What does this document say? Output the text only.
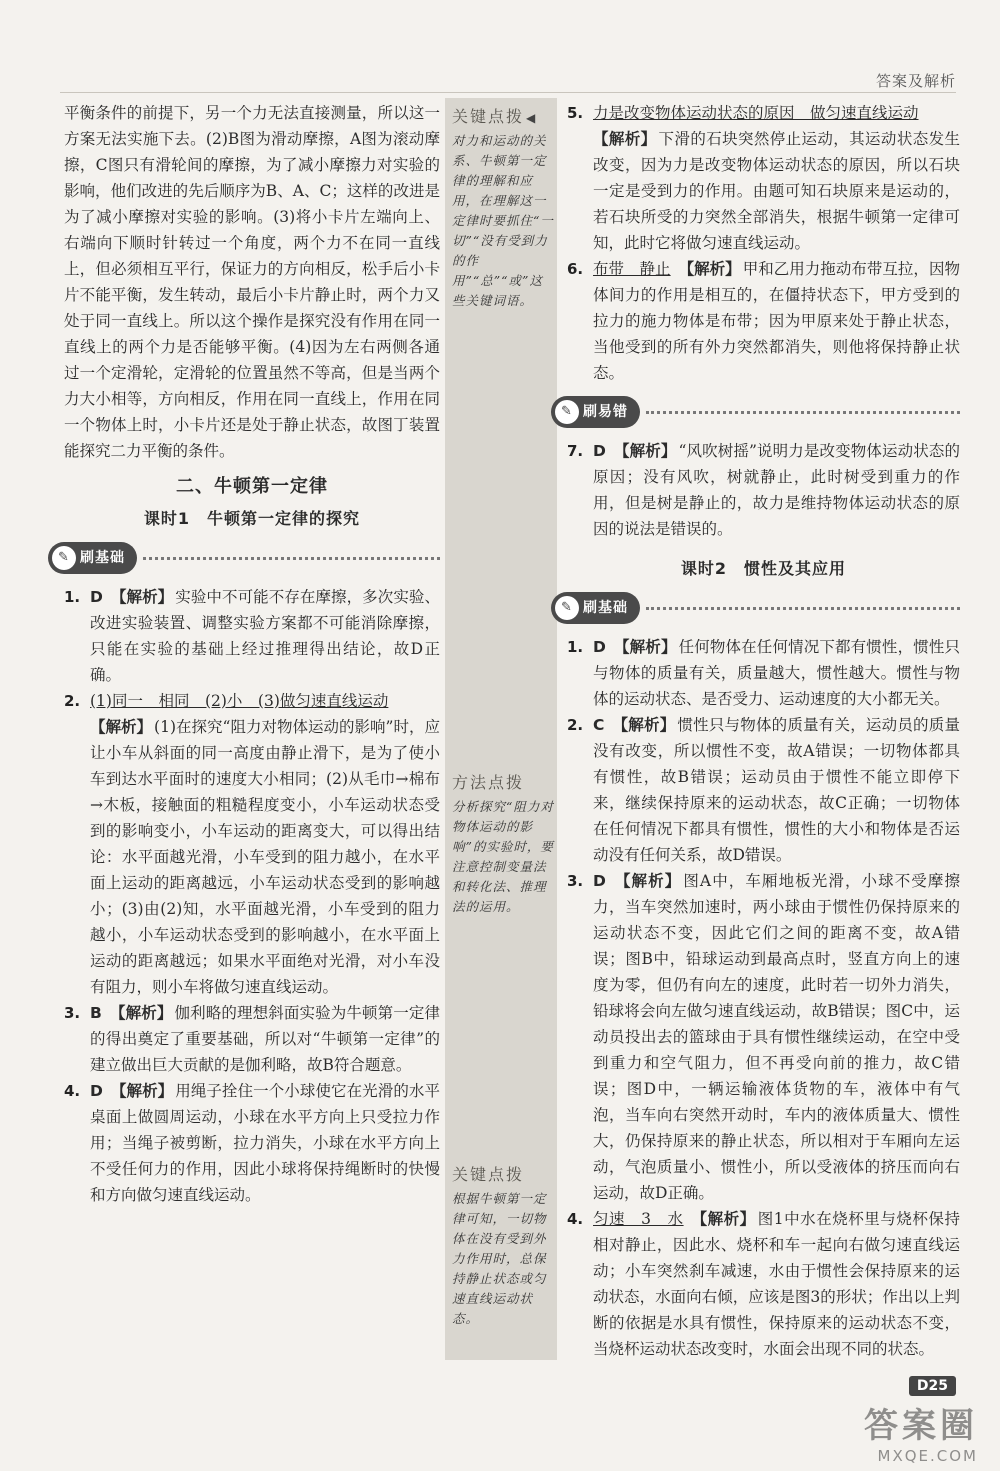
答案及解析
关键点拨 ◀
对力和运动的关系、牛顿第一定律的理解和应用，在理解这一定律时要抓住“一切”“没有受到力的作用”“总”“或”这些关键词语。
方法点拨
分析探究“阻力对物体运动的影响”的实验时，要注意控制变量法和转化法、推理法的运用。
关键点拨
根据牛顿第一定律可知，一切物体在没有受到外力作用时，总保持静止状态或匀速直线运动状态。
平衡条件的前提下，另一个力无法直接测量，所以这一方案无法实施下去。(2)B图为滑动摩擦，A图为滚动摩擦，C图只有滑轮间的摩擦，为了减小摩擦力对实验的影响，他们改进的先后顺序为B、A、C；这样的改进是为了减小摩擦对实验的影响。(3)将小卡片左端向上、右端向下顺时针转过一个角度，两个力不在同一直线上，但必须相互平行，保证力的方向相反，松手后小卡片不能平衡，发生转动，最后小卡片静止时，两个力又处于同一直线上。所以这个操作是探究没有作用在同一直线上的两个力是否能够平衡。(4)因为左右两侧各通过一个定滑轮，定滑轮的位置虽然不等高，但是当两个力大小相等，方向相反，作用在同一直线上，作用在同一个物体上时，小卡片还是处于静止状态，故图丁装置能探究二力平衡的条件。
二、牛顿第一定律
课时1　牛顿第一定律的探究
✎ 刷基础
1. D 【解析】 实验中不可能不存在摩擦，多次实验、改进实验装置、调整实验方案都不可能消除摩擦，只能在实验的基础上经过推理得出结论，故D正确。
2. (1)同一　相同　(2)小　(3)做匀速直线运动
【解析】 (1)在探究“阻力对物体运动的影响”时，应让小车从斜面的同一高度由静止滑下，是为了使小车到达水平面时的速度大小相同；(2)从毛巾→棉布→木板，接触面的粗糙程度变小，小车运动状态受到的影响变小，小车运动的距离变大，可以得出结论：水平面越光滑，小车受到的阻力越小，在水平面上运动的距离越远，小车运动状态受到的影响越小；(3)由(2)知，水平面越光滑，小车受到的阻力越小，小车运动状态受到的影响越小，在水平面上运动的距离越远；如果水平面绝对光滑，对小车没有阻力，则小车将做匀速直线运动。
3. B 【解析】 伽利略的理想斜面实验为牛顿第一定律的得出奠定了重要基础，所以对“牛顿第一定律”的建立做出巨大贡献的是伽利略，故B符合题意。
4. D 【解析】 用绳子拴住一个小球使它在光滑的水平桌面上做圆周运动，小球在水平方向上只受拉力作用；当绳子被剪断，拉力消失，小球在水平方向上不受任何力的作用，因此小球将保持绳断时的快慢和方向做匀速直线运动。
5. 力是改变物体运动状态的原因　做匀速直线运动
【解析】 下滑的石块突然停止运动，其运动状态发生改变，因为力是改变物体运动状态的原因，所以石块一定是受到力的作用。由题可知石块原来是运动的，若石块所受的力突然全部消失，根据牛顿第一定律可知，此时它将做匀速直线运动。
6. 布带　静止 【解析】 甲和乙用力拖动布带互拉，因物体间力的作用是相互的，在僵持状态下，甲方受到的拉力的施力物体是布带；因为甲原来处于静止状态，当他受到的所有外力突然都消失，则他将保持静止状态。
✎ 刷易错
7. D 【解析】 “风吹树摇”说明力是改变物体运动状态的原因；没有风吹，树就静止，此时树受到重力的作用，但是树是静止的，故力是维持物体运动状态的原因的说法是错误的。
课时2　惯性及其应用
✎ 刷基础
1. D 【解析】 任何物体在任何情况下都有惯性，惯性只与物体的质量有关，质量越大，惯性越大。惯性与物体的运动状态、是否受力、运动速度的大小都无关。
2. C 【解析】 惯性只与物体的质量有关，运动员的质量没有改变，所以惯性不变，故A错误；一切物体都具有惯性，故B错误；运动员由于惯性不能立即停下来，继续保持原来的运动状态，故C正确；一切物体在任何情况下都具有惯性，惯性的大小和物体是否运动没有任何关系，故D错误。
3. D 【解析】 图A中，车厢地板光滑，小球不受摩擦力，当车突然加速时，两小球由于惯性仍保持原来的运动状态不变，因此它们之间的距离不变，故A错误；图B中，铅球运动到最高点时，竖直方向上的速度为零，但仍有向左的速度，此时若一切外力消失，铅球将会向左做匀速直线运动，故B错误；图C中，运动员投出去的篮球由于具有惯性继续运动，在空中受到重力和空气阻力，但不再受向前的推力，故C错误；图D中，一辆运输液体货物的车，液体中有气泡，当车向右突然开动时，车内的液体质量大、惯性大，仍保持原来的静止状态，所以相对于车厢向左运动，气泡质量小、惯性小，所以受液体的挤压而向右运动，故D正确。
4. 匀速　3　水 【解析】 图1中水在烧杯里与烧杯保持相对静止，因此水、烧杯和车一起向右做匀速直线运动；小车突然刹车减速，水由于惯性会保持原来的运动状态，水面向右倾，应该是图3的形状；作出以上判断的依据是水具有惯性，保持原来的运动状态不变，当烧杯运动状态改变时，水面会出现不同的状态。
D25
答案圈
MXQE.COM
